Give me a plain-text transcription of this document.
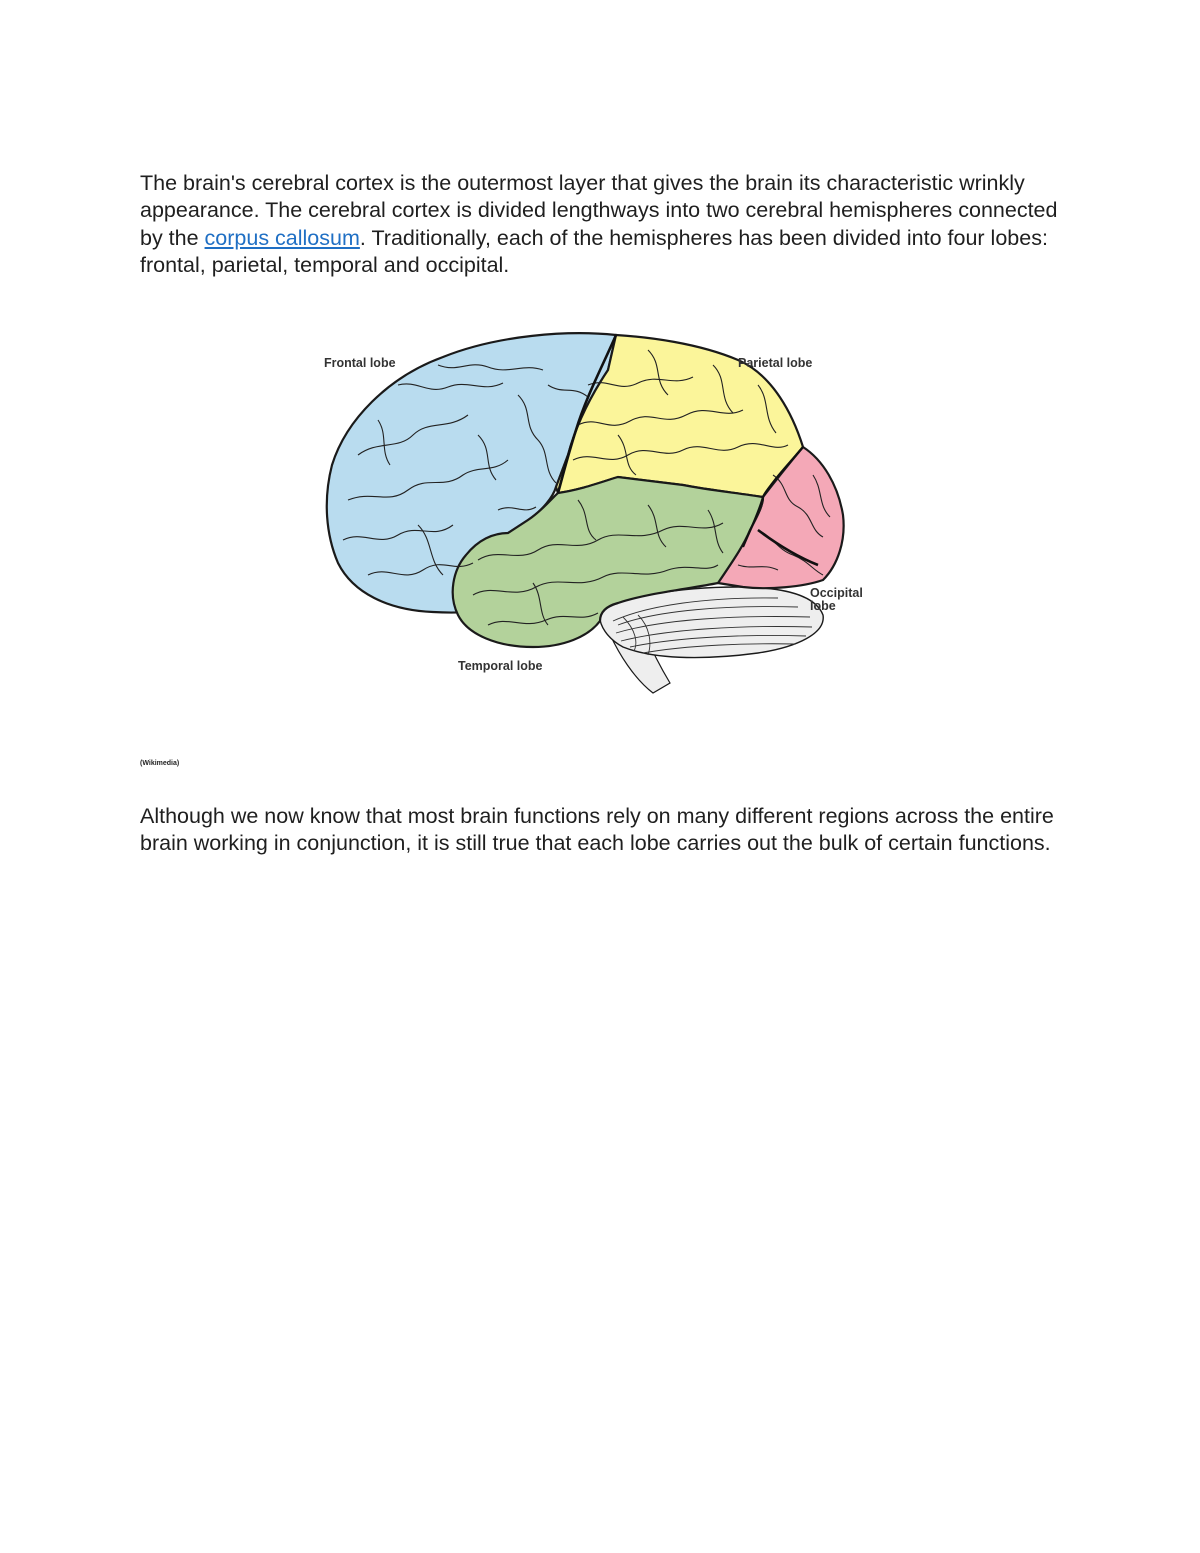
The brain's cerebral cortex is the outermost layer that gives the brain its characteristic wrinkly appearance. The cerebral cortex is divided lengthways into two cerebral hemispheres connected by the corpus callosum. Traditionally, each of the hemispheres has been divided into four lobes: frontal, parietal, temporal and occipital.

Frontal lobe	Parietal lobe
Temporal lobe
Occipital
lobe
(Wikimedia)

Although we now know that most brain functions rely on many different regions across the entire brain working in conjunction, it is still true that each lobe carries out the bulk of certain functions.
